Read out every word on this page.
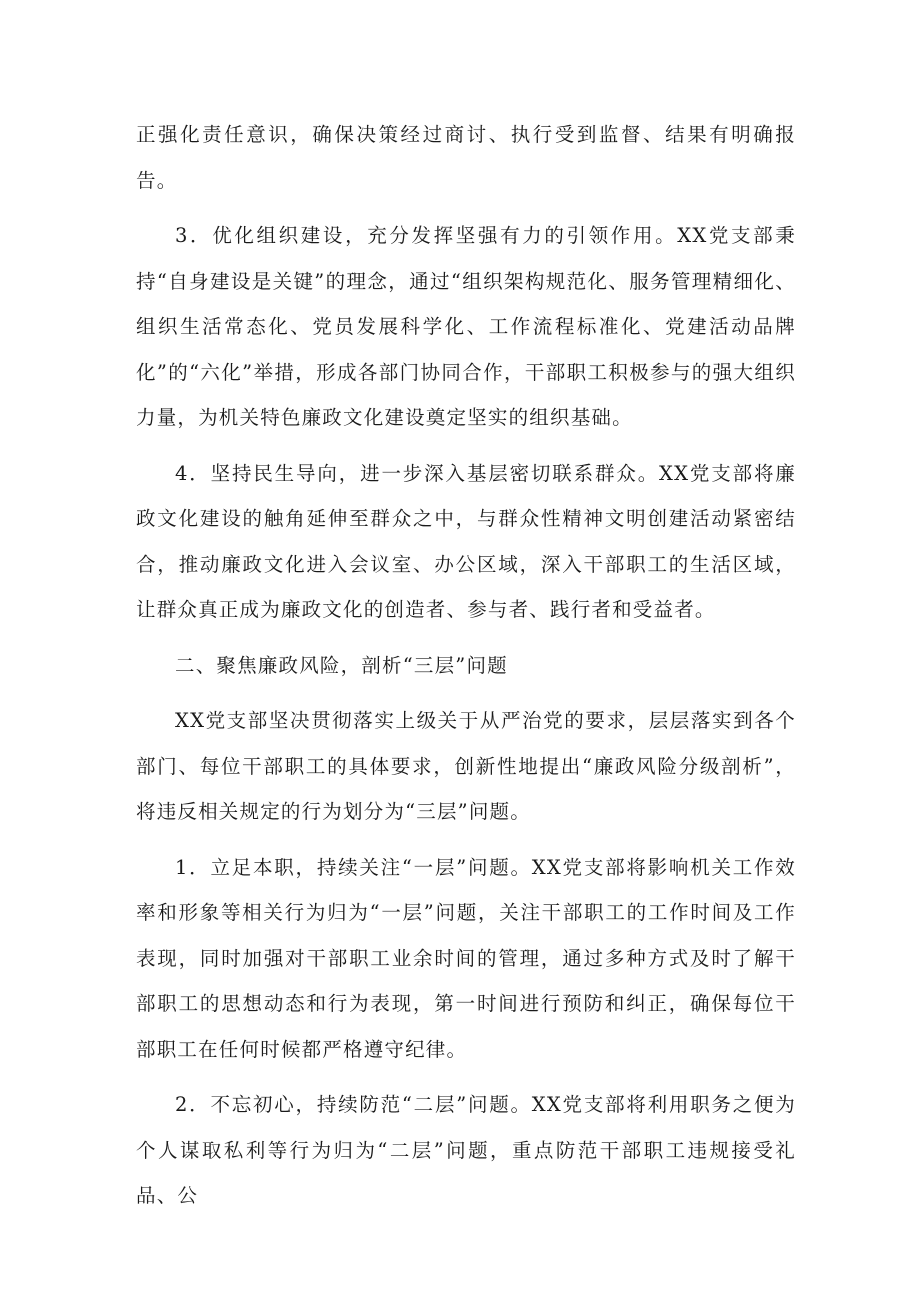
正强化责任意识，确保决策经过商讨、执行受到监督、结果有明确报告。

3．优化组织建设，充分发挥坚强有力的引领作用。XX党支部秉持“自身建设是关键”的理念，通过“组织架构规范化、服务管理精细化、组织生活常态化、党员发展科学化、工作流程标准化、党建活动品牌化”的“六化”举措，形成各部门协同合作，干部职工积极参与的强大组织力量，为机关特色廉政文化建设奠定坚实的组织基础。

4．坚持民生导向，进一步深入基层密切联系群众。XX党支部将廉政文化建设的触角延伸至群众之中，与群众性精神文明创建活动紧密结合，推动廉政文化进入会议室、办公区域，深入干部职工的生活区域，让群众真正成为廉政文化的创造者、参与者、践行者和受益者。

二、聚焦廉政风险，剖析“三层”问题

XX党支部坚决贯彻落实上级关于从严治党的要求，层层落实到各个部门、每位干部职工的具体要求，创新性地提出“廉政风险分级剖析”，将违反相关规定的行为划分为“三层”问题。

1．立足本职，持续关注“一层”问题。XX党支部将影响机关工作效率和形象等相关行为归为“一层”问题，关注干部职工的工作时间及工作表现，同时加强对干部职工业余时间的管理，通过多种方式及时了解干部职工的思想动态和行为表现，第一时间进行预防和纠正，确保每位干部职工在任何时候都严格遵守纪律。

2．不忘初心，持续防范“二层”问题。XX党支部将利用职务之便为个人谋取私利等行为归为“二层”问题，重点防范干部职工违规接受礼品、公
